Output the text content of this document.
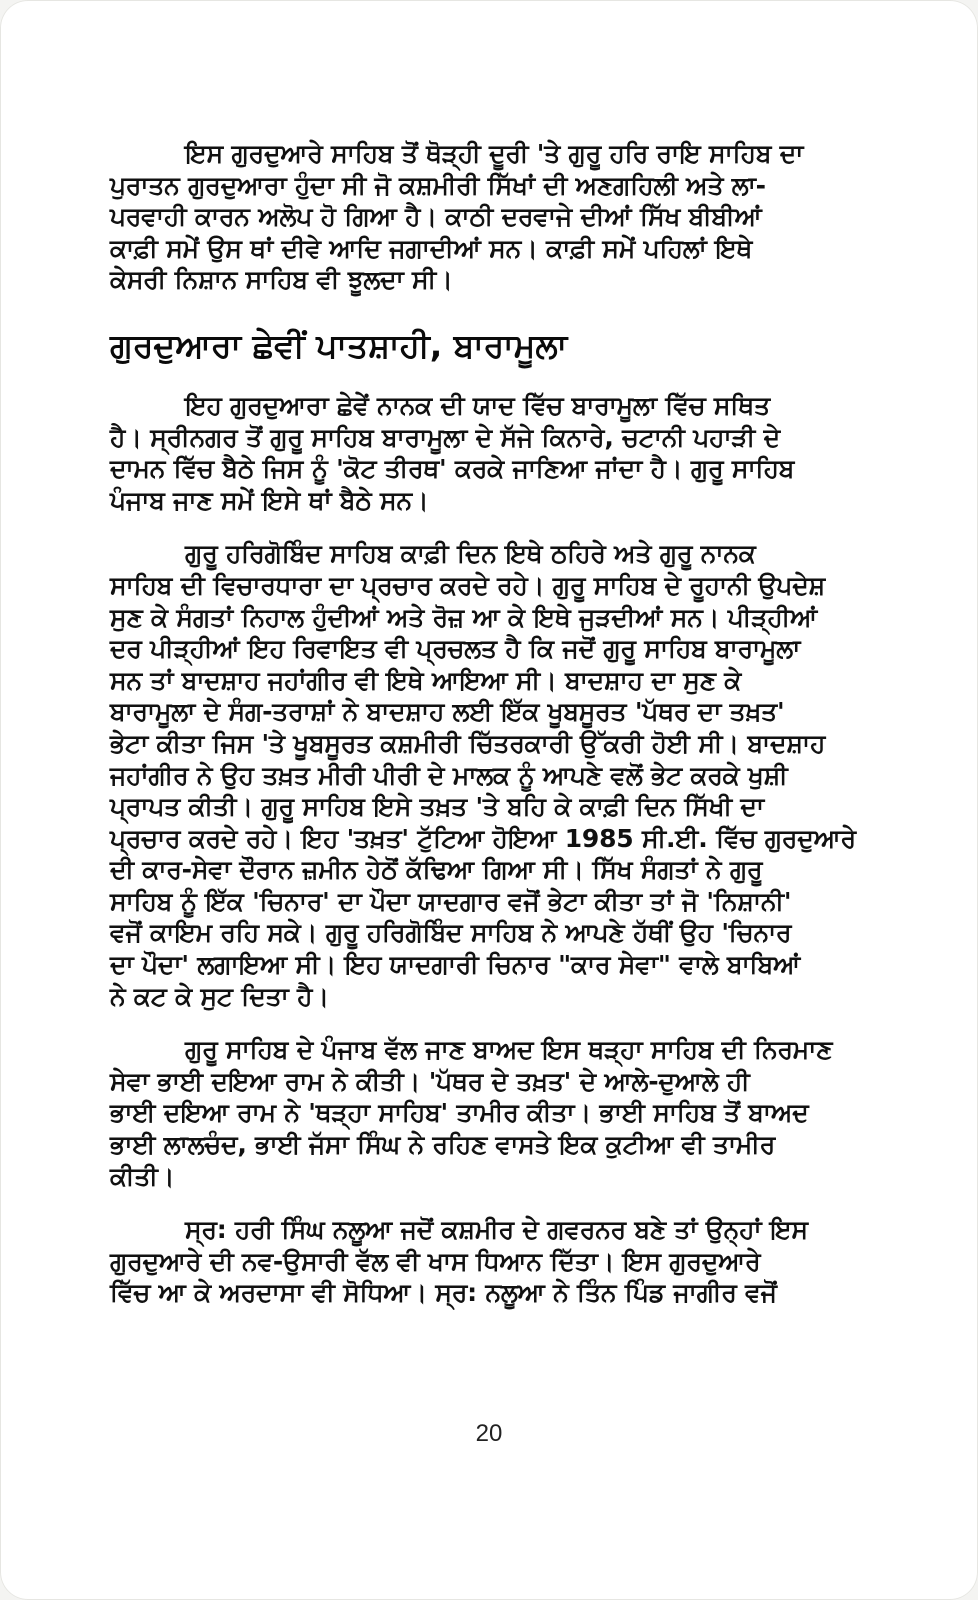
ਇਸ ਗੁਰਦੁਆਰੇ ਸਾਹਿਬ ਤੋਂ ਥੋੜ੍ਹੀ ਦੂਰੀ 'ਤੇ ਗੁਰੂ ਹਰਿ ਰਾਇ ਸਾਹਿਬ ਦਾ
ਪੁਰਾਤਨ ਗੁਰਦੁਆਰਾ ਹੁੰਦਾ ਸੀ ਜੋ ਕਸ਼ਮੀਰੀ ਸਿੱਖਾਂ ਦੀ ਅਣਗਹਿਲੀ ਅਤੇ ਲਾ-
ਪਰਵਾਹੀ ਕਾਰਨ ਅਲੋਪ ਹੋ ਗਿਆ ਹੈ। ਕਾਠੀ ਦਰਵਾਜੇ ਦੀਆਂ ਸਿੱਖ ਬੀਬੀਆਂ
ਕਾਫ਼ੀ ਸਮੇਂ ਉਸ ਥਾਂ ਦੀਵੇ ਆਦਿ ਜਗਾਦੀਆਂ ਸਨ। ਕਾਫ਼ੀ ਸਮੇਂ ਪਹਿਲਾਂ ਇਥੇ
ਕੇਸਰੀ ਨਿਸ਼ਾਨ ਸਾਹਿਬ ਵੀ ਝੂਲਦਾ ਸੀ।

ਗੁਰਦੁਆਰਾ ਛੇਵੀਂ ਪਾਤਸ਼ਾਹੀ, ਬਾਰਾਮੂਲਾ

ਇਹ ਗੁਰਦੁਆਰਾ ਛੇਵੇਂ ਨਾਨਕ ਦੀ ਯਾਦ ਵਿੱਚ ਬਾਰਾਮੂਲਾ ਵਿੱਚ ਸਥਿਤ
ਹੈ। ਸ੍ਰੀਨਗਰ ਤੋਂ ਗੁਰੂ ਸਾਹਿਬ ਬਾਰਾਮੂਲਾ ਦੇ ਸੱਜੇ ਕਿਨਾਰੇ, ਚਟਾਨੀ ਪਹਾੜੀ ਦੇ
ਦਾਮਨ ਵਿੱਚ ਬੈਠੇ ਜਿਸ ਨੂੰ 'ਕੋਟ ਤੀਰਥ' ਕਰਕੇ ਜਾਣਿਆ ਜਾਂਦਾ ਹੈ। ਗੁਰੂ ਸਾਹਿਬ
ਪੰਜਾਬ ਜਾਣ ਸਮੇਂ ਇਸੇ ਥਾਂ ਬੈਠੇ ਸਨ।

ਗੁਰੂ ਹਰਿਗੋਬਿੰਦ ਸਾਹਿਬ ਕਾਫ਼ੀ ਦਿਨ ਇਥੇ ਠਹਿਰੇ ਅਤੇ ਗੁਰੂ ਨਾਨਕ
ਸਾਹਿਬ ਦੀ ਵਿਚਾਰਧਾਰਾ ਦਾ ਪ੍ਰਚਾਰ ਕਰਦੇ ਰਹੇ। ਗੁਰੂ ਸਾਹਿਬ ਦੇ ਰੂਹਾਨੀ ਉਪਦੇਸ਼
ਸੁਣ ਕੇ ਸੰਗਤਾਂ ਨਿਹਾਲ ਹੁੰਦੀਆਂ ਅਤੇ ਰੋਜ਼ ਆ ਕੇ ਇਥੇ ਜੁੜਦੀਆਂ ਸਨ। ਪੀੜ੍ਹੀਆਂ
ਦਰ ਪੀੜ੍ਹੀਆਂ ਇਹ ਰਿਵਾਇਤ ਵੀ ਪ੍ਰਚਲਤ ਹੈ ਕਿ ਜਦੋਂ ਗੁਰੂ ਸਾਹਿਬ ਬਾਰਾਮੂਲਾ
ਸਨ ਤਾਂ ਬਾਦਸ਼ਾਹ ਜਹਾਂਗੀਰ ਵੀ ਇਥੇ ਆਇਆ ਸੀ। ਬਾਦਸ਼ਾਹ ਦਾ ਸੁਣ ਕੇ
ਬਾਰਾਮੂਲਾ ਦੇ ਸੰਗ-ਤਰਾਸ਼ਾਂ ਨੇ ਬਾਦਸ਼ਾਹ ਲਈ ਇੱਕ ਖੂਬਸੂਰਤ 'ਪੱਥਰ ਦਾ ਤਖ਼ਤ'
ਭੇਟਾ ਕੀਤਾ ਜਿਸ 'ਤੇ ਖੂਬਸੂਰਤ ਕਸ਼ਮੀਰੀ ਚਿੱਤਰਕਾਰੀ ਉੱਕਰੀ ਹੋਈ ਸੀ। ਬਾਦਸ਼ਾਹ
ਜਹਾਂਗੀਰ ਨੇ ਉਹ ਤਖ਼ਤ ਮੀਰੀ ਪੀਰੀ ਦੇ ਮਾਲਕ ਨੂੰ ਆਪਣੇ ਵਲੋਂ ਭੇਟ ਕਰਕੇ ਖੁਸ਼ੀ
ਪ੍ਰਾਪਤ ਕੀਤੀ। ਗੁਰੂ ਸਾਹਿਬ ਇਸੇ ਤਖ਼ਤ 'ਤੇ ਬਹਿ ਕੇ ਕਾਫ਼ੀ ਦਿਨ ਸਿੱਖੀ ਦਾ
ਪ੍ਰਚਾਰ ਕਰਦੇ ਰਹੇ। ਇਹ 'ਤਖ਼ਤ' ਟੁੱਟਿਆ ਹੋਇਆ 1985 ਸੀ.ਈ. ਵਿੱਚ ਗੁਰਦੁਆਰੇ
ਦੀ ਕਾਰ-ਸੇਵਾ ਦੌਰਾਨ ਜ਼ਮੀਨ ਹੇਠੋਂ ਕੱਢਿਆ ਗਿਆ ਸੀ। ਸਿੱਖ ਸੰਗਤਾਂ ਨੇ ਗੁਰੂ
ਸਾਹਿਬ ਨੂੰ ਇੱਕ 'ਚਿਨਾਰ' ਦਾ ਪੌਦਾ ਯਾਦਗਾਰ ਵਜੋਂ ਭੇਟਾ ਕੀਤਾ ਤਾਂ ਜੋ 'ਨਿਸ਼ਾਨੀ'
ਵਜੋਂ ਕਾਇਮ ਰਹਿ ਸਕੇ। ਗੁਰੂ ਹਰਿਗੋਬਿੰਦ ਸਾਹਿਬ ਨੇ ਆਪਣੇ ਹੱਥੀਂ ਉਹ 'ਚਿਨਾਰ
ਦਾ ਪੌਦਾ' ਲਗਾਇਆ ਸੀ। ਇਹ ਯਾਦਗਾਰੀ ਚਿਨਾਰ "ਕਾਰ ਸੇਵਾ" ਵਾਲੇ ਬਾਬਿਆਂ
ਨੇ ਕਟ ਕੇ ਸੁਟ ਦਿਤਾ ਹੈ।

ਗੁਰੂ ਸਾਹਿਬ ਦੇ ਪੰਜਾਬ ਵੱਲ ਜਾਣ ਬਾਅਦ ਇਸ ਥੜ੍ਹਾ ਸਾਹਿਬ ਦੀ ਨਿਰਮਾਣ
ਸੇਵਾ ਭਾਈ ਦਇਆ ਰਾਮ ਨੇ ਕੀਤੀ। 'ਪੱਥਰ ਦੇ ਤਖ਼ਤ' ਦੇ ਆਲੇ-ਦੁਆਲੇ ਹੀ
ਭਾਈ ਦਇਆ ਰਾਮ ਨੇ 'ਥੜ੍ਹਾ ਸਾਹਿਬ' ਤਾਮੀਰ ਕੀਤਾ। ਭਾਈ ਸਾਹਿਬ ਤੋਂ ਬਾਅਦ
ਭਾਈ ਲਾਲਚੰਦ, ਭਾਈ ਜੱਸਾ ਸਿੰਘ ਨੇ ਰਹਿਣ ਵਾਸਤੇ ਇਕ ਕੁਟੀਆ ਵੀ ਤਾਮੀਰ
ਕੀਤੀ।

ਸ੍ਰ: ਹਰੀ ਸਿੰਘ ਨਲੂਆ ਜਦੋਂ ਕਸ਼ਮੀਰ ਦੇ ਗਵਰਨਰ ਬਣੇ ਤਾਂ ਉਨ੍ਹਾਂ ਇਸ
ਗੁਰਦੁਆਰੇ ਦੀ ਨਵ-ਉਸਾਰੀ ਵੱਲ ਵੀ ਖਾਸ ਧਿਆਨ ਦਿੱਤਾ। ਇਸ ਗੁਰਦੁਆਰੇ
ਵਿੱਚ ਆ ਕੇ ਅਰਦਾਸਾ ਵੀ ਸੋਧਿਆ। ਸ੍ਰ: ਨਲੂਆ ਨੇ ਤਿੰਨ ਪਿੰਡ ਜਾਗੀਰ ਵਜੋਂ

20
